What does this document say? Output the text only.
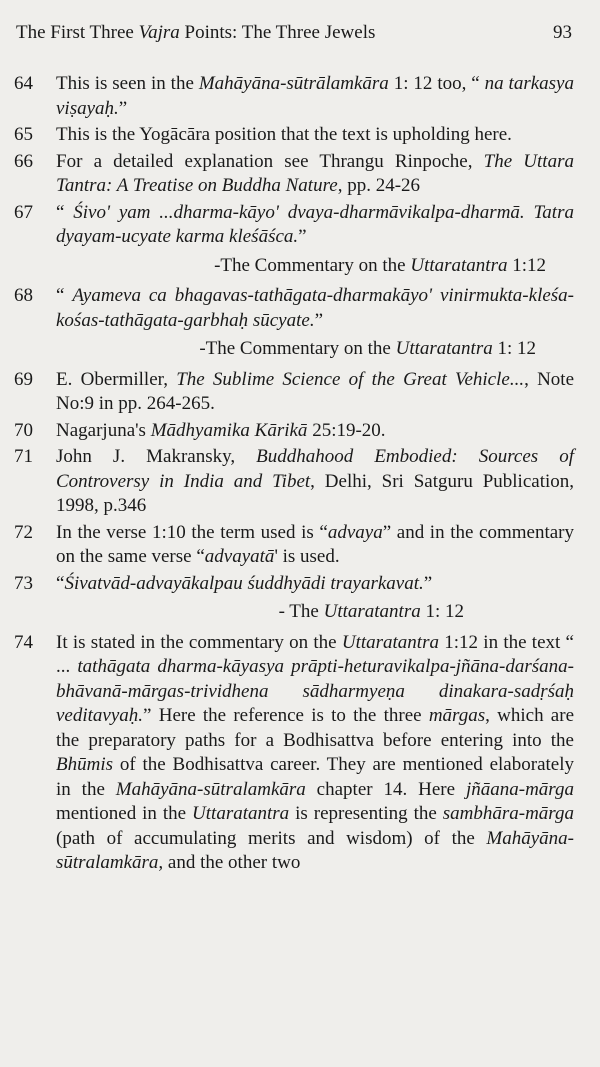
The First Three Vajra Points: The Three Jewels	93
64	This is seen in the Mahāyāna-sūtrālamkāra 1: 12 too, “ na tarkasya viṣayaḥ.”
65	This is the Yogācāra position that the text is upholding here.
66	For a detailed explanation see Thrangu Rinpoche, The Uttara Tantra: A Treatise on Buddha Nature, pp. 24-26
67	“ Śivo' yam ...dharma-kāyo' dvaya-dharmāvikalpa-dharmā. Tatra dyayam-ucyate karma kleśāśca.”
-The Commentary on the Uttaratantra 1:12
68	“ Ayameva ca bhagavas-tathāgata-dharmakāyo' vinirmukta-kleśa-kośas-tathāgata-garbhaḥ sūcyate.”
-The Commentary on the Uttaratantra 1: 12
69	E. Obermiller, The Sublime Science of the Great Vehicle..., Note No:9 in pp. 264-265.
70	Nagarjuna's Mādhyamika Kārikā 25:19-20.
71	John J. Makransky, Buddhahood Embodied: Sources of Controversy in India and Tibet, Delhi, Sri Satguru Publication, 1998, p.346
72	In the verse 1:10 the term used is “advaya” and in the commentary on the same verse “advayatā' is used.
73	“Śivatvād-advayākalpau śuddhyādi trayarkavat.”
- The Uttaratantra 1: 12
74	It is stated in the commentary on the Uttaratantra 1:12 in the text “ ... tathāgata dharma-kāyasya prāpti-heturavikalpa-jñāna-darśana-bhāvanā-mārgas-trividhena sādharmyeṇa dinakara-sadṛśaḥ veditavyaḥ.” Here the reference is to the three mārgas, which are the preparatory paths for a Bodhisattva before entering into the Bhūmis of the Bodhisattva career. They are mentioned elaborately in the Mahāyāna-sūtralamkāra chapter 14. Here jñāana-mārga mentioned in the Uttaratantra is representing the sambhāra-mārga (path of accumulating merits and wisdom) of the Mahāyāna-sūtralamkāra, and the other two
